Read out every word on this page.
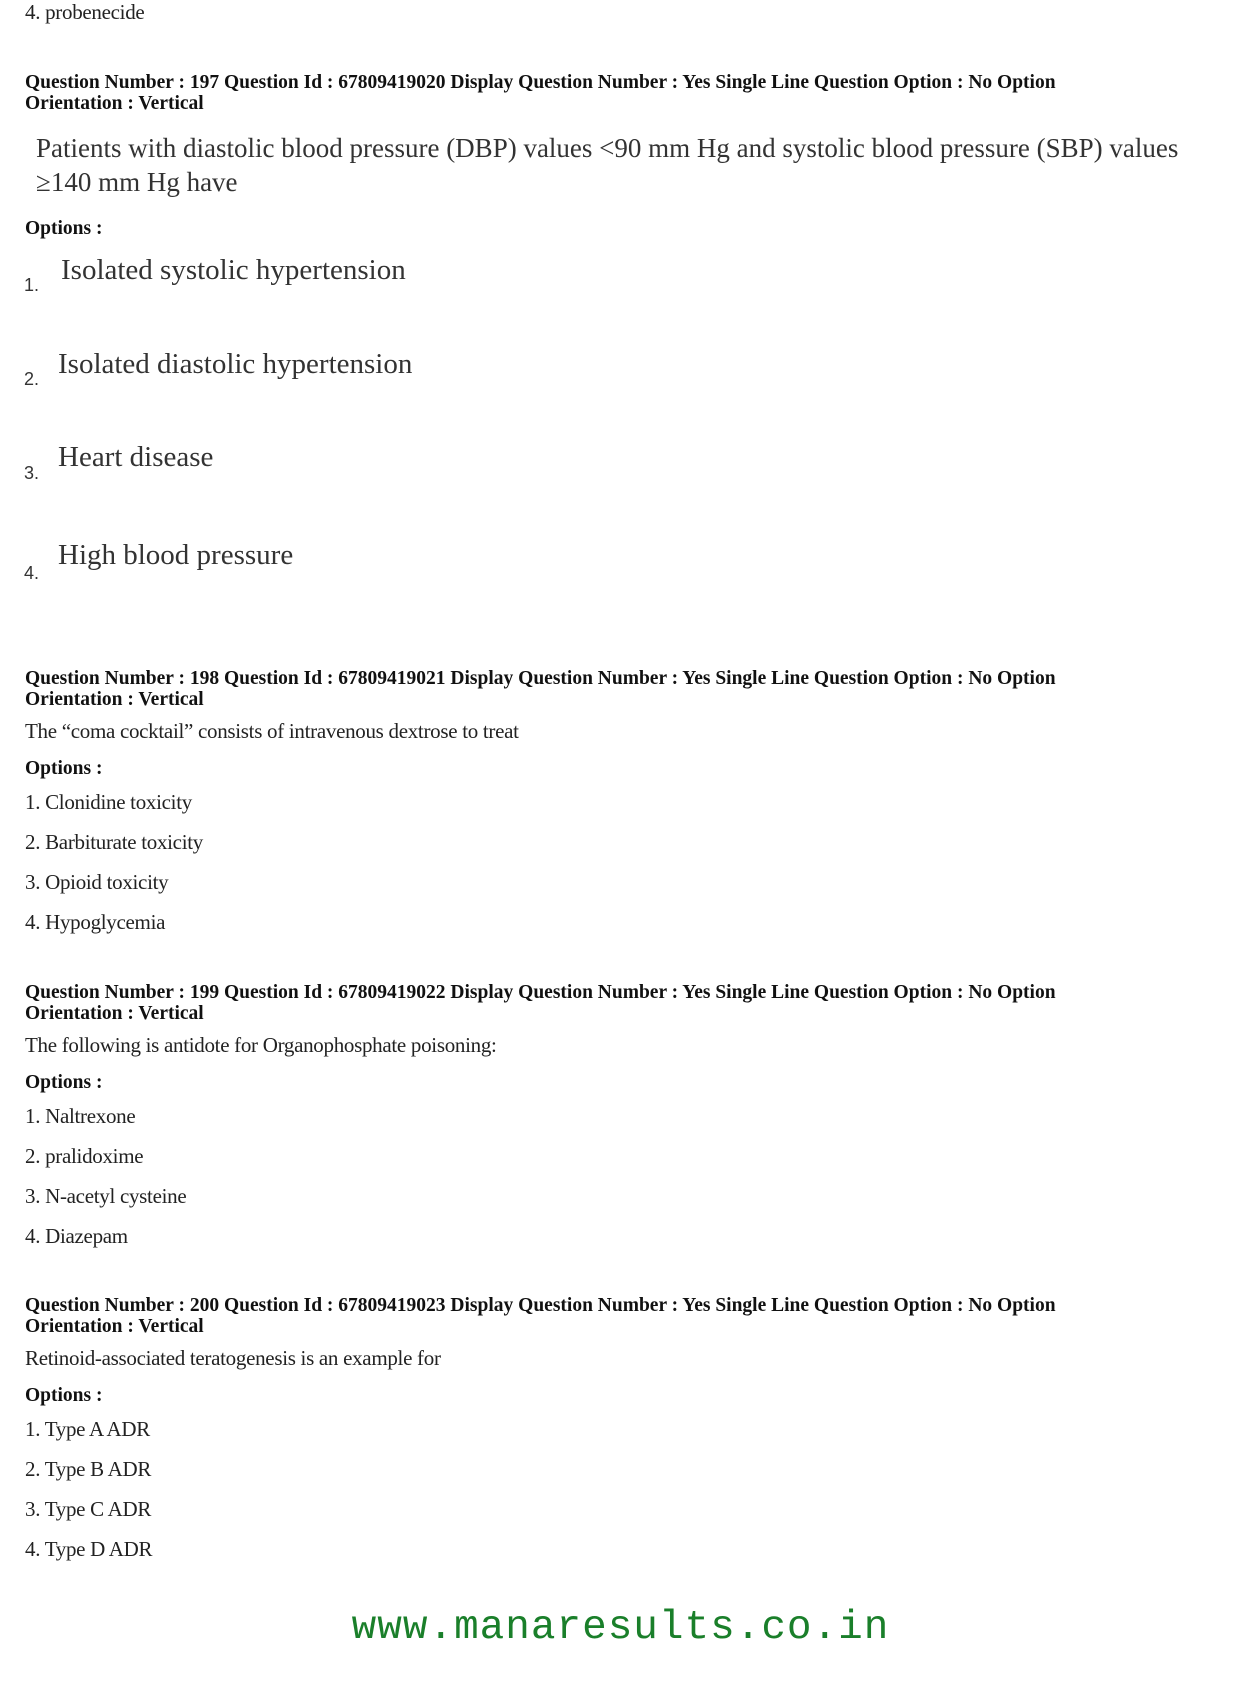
4. probenecide
Question Number : 197 Question Id : 67809419020 Display Question Number : Yes Single Line Question Option : No Option
Orientation : Vertical
Patients with diastolic blood pressure (DBP) values <90 mm Hg and systolic blood pressure (SBP) values ≥140 mm Hg have
Options :
1. Isolated systolic hypertension
2. Isolated diastolic hypertension
3. Heart disease
4.
High blood pressure
Question Number : 198 Question Id : 67809419021 Display Question Number : Yes Single Line Question Option : No Option
Orientation : Vertical
The “coma cocktail” consists of intravenous dextrose to treat
Options :
1. Clonidine toxicity
2. Barbiturate toxicity
3. Opioid toxicity
4. Hypoglycemia
Question Number : 199 Question Id : 67809419022 Display Question Number : Yes Single Line Question Option : No Option
Orientation : Vertical
The following is antidote for Organophosphate poisoning:
Options :
1. Naltrexone
2. pralidoxime
3. N-acetyl cysteine
4. Diazepam
Question Number : 200 Question Id : 67809419023 Display Question Number : Yes Single Line Question Option : No Option
Orientation : Vertical
Retinoid-associated teratogenesis is an example for
Options :
1. Type A ADR
2. Type B ADR
3. Type C ADR
4. Type D ADR
www.manaresults.co.in
